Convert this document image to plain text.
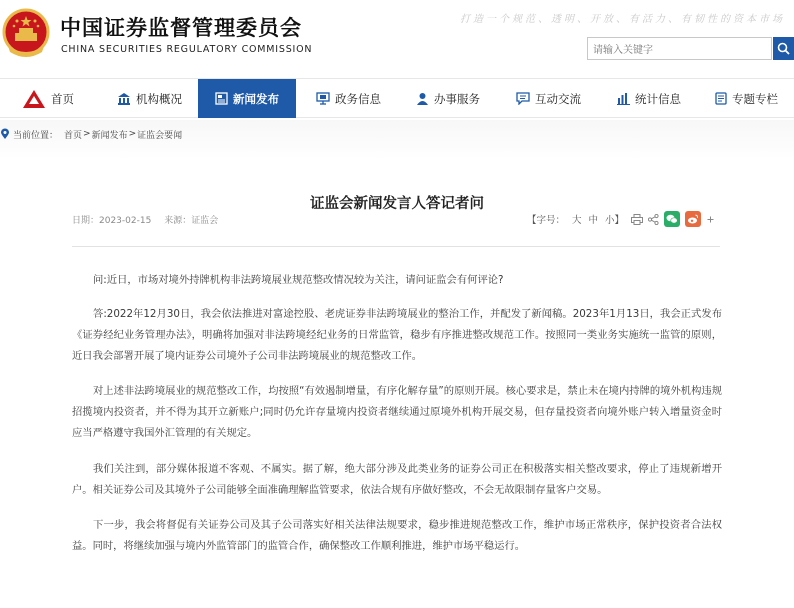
中国证券监督管理委员会
CHINA SECURITIES REGULATORY COMMISSION
打造一个规范、透明、开放、有活力、有韧性的资本市场
请输入关键字
首页	机构概况	新闻发布	政务信息	办事服务	互动交流	统计信息	专题专栏
当前位置： 首页 > 新闻发布 > 证监会要闻
证监会新闻发言人答记者问
日期：2023-02-15 来源：证监会	【字号： 大 中 小】

问:近日，市场对境外持牌机构非法跨境展业规范整改情况较为关注，请问证监会有何评论?

答:2022年12月30日，我会依法推进对富途控股、老虎证券非法跨境展业的整治工作，并配发了新闻稿。2023年1月13日，我会正式发布《证券经纪业务管理办法》，明确将加强对非法跨境经纪业务的日常监管，稳步有序推进整改规范工作。按照同一类业务实施统一监管的原则，近日我会部署开展了境内证券公司境外子公司非法跨境展业的规范整改工作。

对上述非法跨境展业的规范整改工作，均按照“有效遏制增量，有序化解存量”的原则开展。核心要求是，禁止未在境内持牌的境外机构违规招揽境内投资者，并不得为其开立新账户;同时仍允许存量境内投资者继续通过原境外机构开展交易，但存量投资者向境外账户转入增量资金时应当严格遵守我国外汇管理的有关规定。

我们关注到，部分媒体报道不客观、不属实。据了解，绝大部分涉及此类业务的证券公司正在积极落实相关整改要求，停止了违规新增开户。相关证券公司及其境外子公司能够全面准确理解监管要求，依法合规有序做好整改，不会无故限制存量客户交易。

下一步，我会将督促有关证券公司及其子公司落实好相关法律法规要求，稳步推进规范整改工作，维护市场正常秩序，保护投资者合法权益。同时，将继续加强与境内外监管部门的监管合作，确保整改工作顺利推进，维护市场平稳运行。
